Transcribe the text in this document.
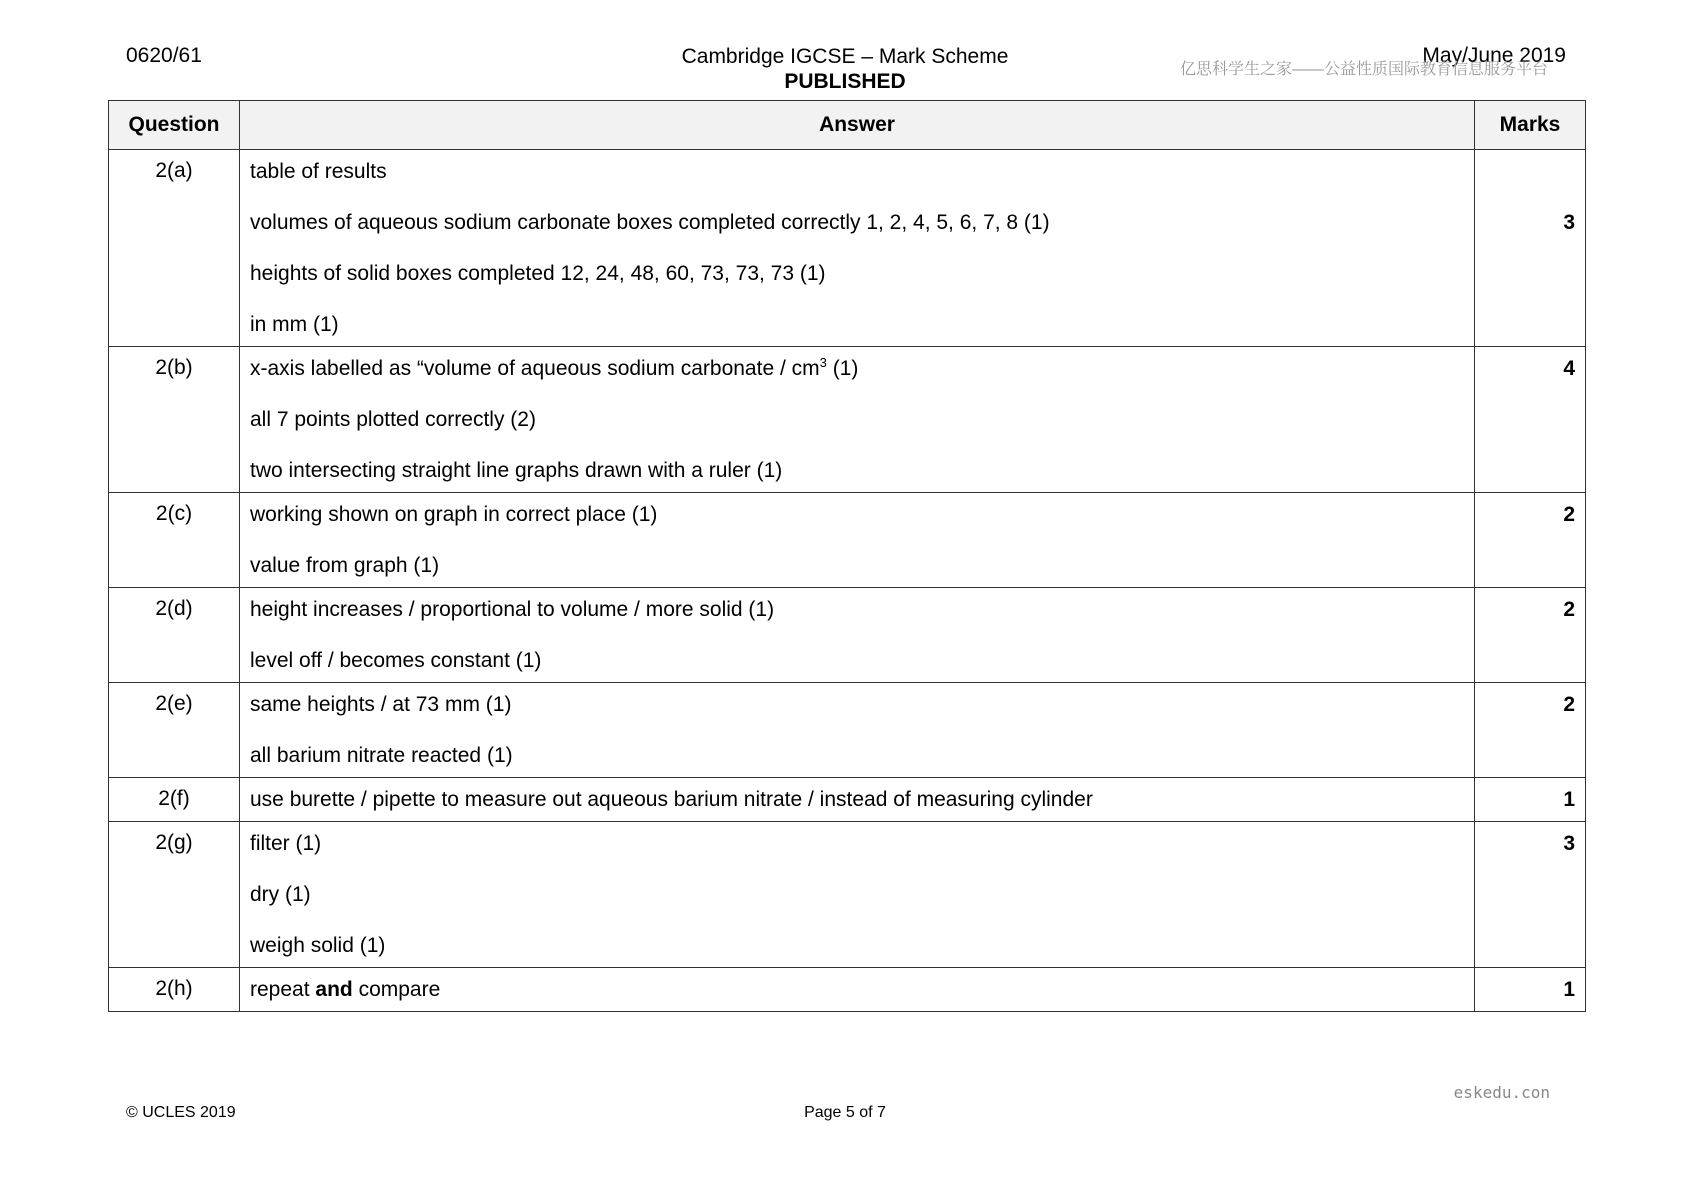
0620/61	Cambridge IGCSE – Mark Scheme
PUBLISHED
May/June 2019
亿思科学生之家——公益性质国际教育信息服务平台
Question	Answer	Marks
2(a)	table of results
volumes of aqueous sodium carbonate boxes completed correctly 1, 2, 4, 5, 6, 7, 8 (1)
heights of solid boxes completed 12, 24, 48, 60, 73, 73, 73 (1)
in mm (1)	3

2(b)	x-axis labelled as “volume of aqueous sodium carbonate / $cm^3$ (1)
all 7 points plotted correctly (2)
two intersecting straight line graphs drawn with a ruler (1)	4

2(c)	working shown on graph in correct place (1)
value from graph (1)	2

2(d)	height increases / proportional to volume / more solid (1)
level off / becomes constant (1)	2

2(e)	same heights / at 73 mm (1)
all barium nitrate reacted (1)	2

2(f)	use burette / pipette to measure out aqueous barium nitrate / instead of measuring cylinder	1

2(g)	filter (1)
dry (1)
weigh solid (1)	3

2(h)	repeat and compare	1
eskedu.con
© UCLES 2019	Page 5 of 7
